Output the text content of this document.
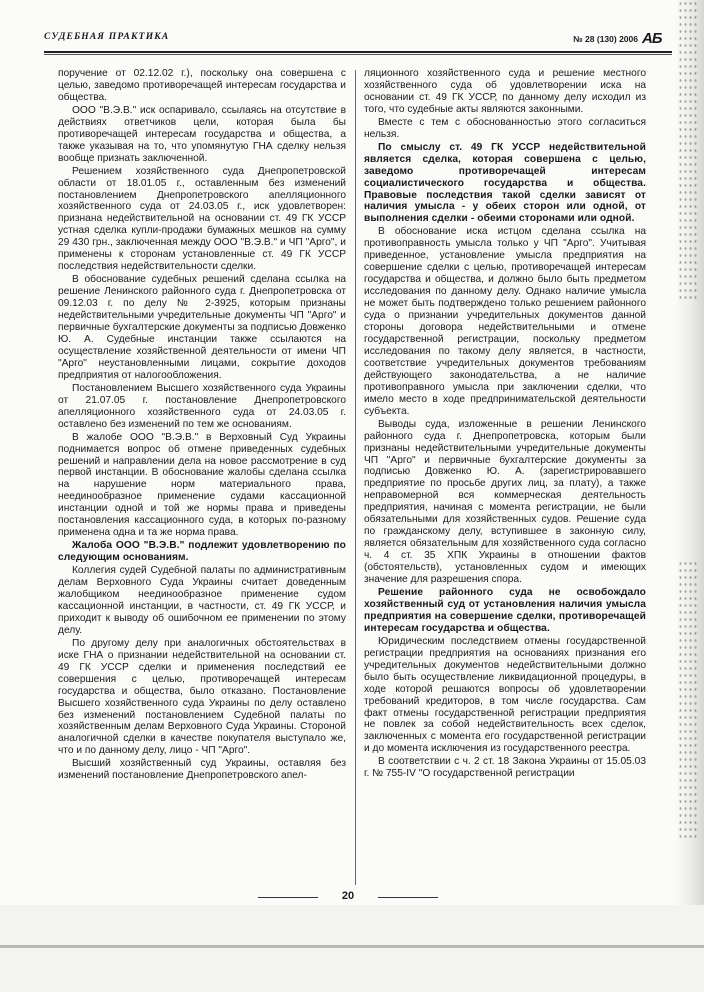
СУДЕБНАЯ ПРАКТИКА	№ 28 (130) 2006 АБ

поручение от 02.12.02 г.), поскольку она совершена с целью, заведомо противоречащей интересам государства и общества.

ООО "В.Э.В." иск оспаривало, ссылаясь на отсутствие в действиях ответчиков цели, которая была бы противоречащей интересам государства и общества, а также указывая на то, что упомянутую ГНА сделку нельзя вообще признать заключенной.

Решением хозяйственного суда Днепропетровской области от 18.01.05 г., оставленным без изменений постановлением Днепропетровского апелляционного хозяйственного суда от 24.03.05 г., иск удовлетворен: признана недействительной на основании ст. 49 ГК УССР устная сделка купли-продажи бумажных мешков на сумму 29 430 грн., заключенная между ООО "В.Э.В." и ЧП "Арго", и применены к сторонам установленные ст. 49 ГК УССР последствия недействительности сделки.

В обоснование судебных решений сделана ссылка на решение Ленинского районного суда г. Днепропетровска от 09.12.03 г. по делу № 2-3925, которым признаны недействительными учредительные документы ЧП "Арго" и первичные бухгалтерские документы за подписью Довженко Ю. А. Судебные инстанции также ссылаются на осуществление хозяйственной деятельности от имени ЧП "Арго" неустановленными лицами, сокрытие доходов предприятия от налогообложения.

Постановлением Высшего хозяйственного суда Украины от 21.07.05 г. постановление Днепропетровского апелляционного хозяйственного суда от 24.03.05 г. оставлено без изменений по тем же основаниям.

В жалобе ООО "В.Э.В." в Верховный Суд Украины поднимается вопрос об отмене приведенных судебных решений и направлении дела на новое рассмотрение в суд первой инстанции. В обоснование жалобы сделана ссылка на нарушение норм материального права, неединообразное применение судами кассационной инстанции одной и той же нормы права и приведены постановления кассационного суда, в которых по-разному применена одна и та же норма права.

Жалоба ООО "В.Э.В." подлежит удовлетворению по следующим основаниям.

Коллегия судей Судебной палаты по административным делам Верховного Суда Украины считает доведенным жалобщиком неединообразное применение судом кассационной инстанции, в частности, ст. 49 ГК УССР, и приходит к выводу об ошибочном ее применении по этому делу.

По другому делу при аналогичных обстоятельствах в иске ГНА о признании недействительной на основании ст. 49 ГК УССР сделки и применения последствий ее совершения с целью, противоречащей интересам государства и общества, было отказано. Постановление Высшего хозяйственного суда Украины по делу оставлено без изменений постановлением Судебной палаты по хозяйственным делам Верховного Суда Украины. Стороной аналогичной сделки в качестве покупателя выступало же, что и по данному делу, лицо - ЧП "Арго".

Высший хозяйственный суд Украины, оставляя без изменений постановление Днепропетровского апел-

ляционного хозяйственного суда и решение местного хозяйственного суда об удовлетворении иска на основании ст. 49 ГК УССР, по данному делу исходил из того, что судебные акты являются законными.

Вместе с тем с обоснованностью этого согласиться нельзя.

По смыслу ст. 49 ГК УССР недействительной является сделка, которая совершена с целью, заведомо противоречащей интересам социалистического государства и общества. Правовые последствия такой сделки зависят от наличия умысла - у обеих сторон или одной, от выполнения сделки - обеими сторонами или одной.

В обоснование иска истцом сделана ссылка на противоправность умысла только у ЧП "Арго". Учитывая приведенное, установление умысла предприятия на совершение сделки с целью, противоречащей интересам государства и общества, и должно было быть предметом исследования по данному делу. Однако наличие умысла не может быть подтверждено только решением районного суда о признании учредительных документов данной стороны договора недействительными и отмене государственной регистрации, поскольку предметом исследования по такому делу является, в частности, соответствие учредительных документов требованиям действующего законодательства, а не наличие противоправного умысла при заключении сделки, что имело место в ходе предпринимательской деятельности субъекта.

Выводы суда, изложенные в решении Ленинского районного суда г. Днепропетровска, которым были признаны недействительными учредительные документы ЧП "Арго" и первичные бухгалтерские документы за подписью Довженко Ю. А. (зарегистрировавшего предприятие по просьбе других лиц, за плату), а также неправомерной вся коммерческая деятельность предприятия, начиная с момента регистрации, не были обязательными для хозяйственных судов. Решение суда по гражданскому делу, вступившее в законную силу, является обязательным для хозяйственного суда согласно ч. 4 ст. 35 ХПК Украины в отношении фактов (обстоятельств), установленных судом и имеющих значение для разрешения спора.

Решение районного суда не освобождало хозяйственный суд от установления наличия умысла предприятия на совершение сделки, противоречащей интересам государства и общества.

Юридическим последствием отмены государственной регистрации предприятия на основаниях признания его учредительных документов недействительными должно было быть осуществление ликвидационной процедуры, в ходе которой решаются вопросы об удовлетворении требований кредиторов, в том числе государства. Сам факт отмены государственной регистрации предприятия не повлек за собой недействительность всех сделок, заключенных с момента его государственной регистрации и до момента исключения из государственного реестра.

В соответствии с ч. 2 ст. 18 Закона Украины от 15.05.03 г. № 755-IV "О государственной регистрации

20
